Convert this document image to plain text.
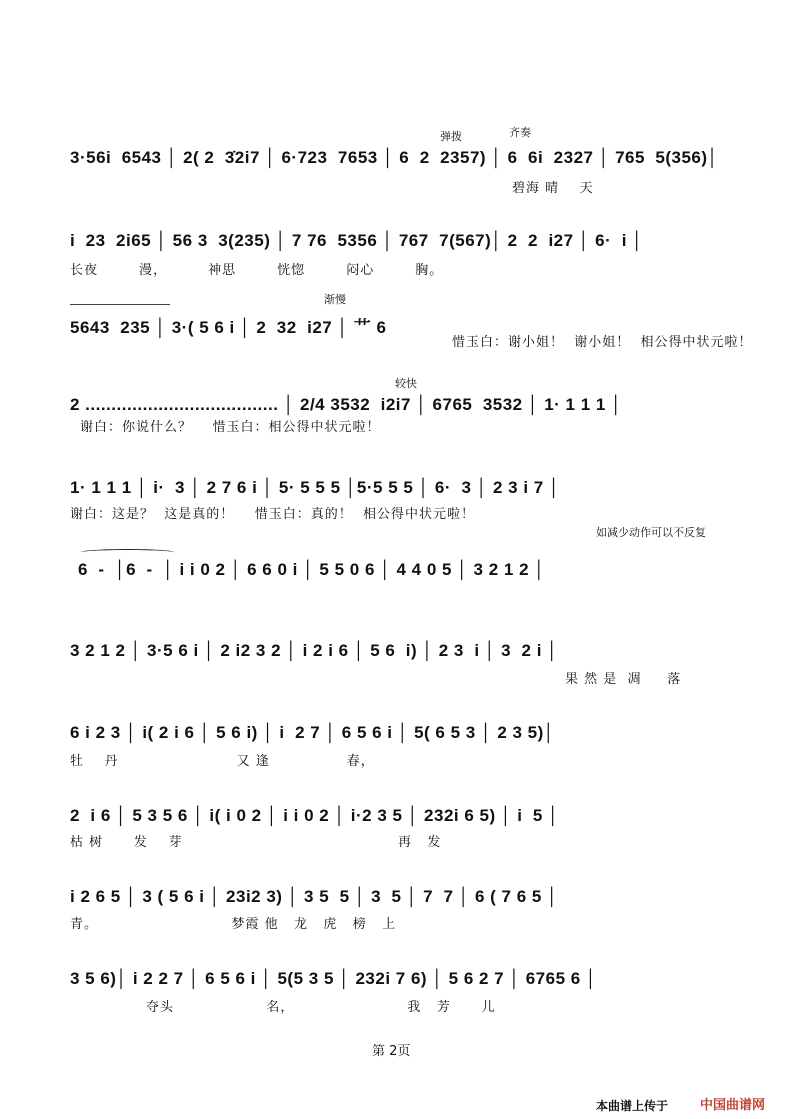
弹拨	齐奏
3·56i  6543 │ 2( 2  3̇2i7 │ 6·723  7653 │ 6  2  2357) │ 6  6i  2327 │ 765  5(356)│
碧海 晴    天
i  23  2i65 │ 56 3  3(235) │ 7 76  5356 │ 767  7(567)│ 2  2  i27 │ 6·  i │
长夜        漫，        神思        恍惚        闷心        胸。
渐慢
5643  235 │ 3·( 5 6 i │ 2  32  i27 │ 艹 6
惜玉白：谢小姐！  谢小姐！  相公得中状元啦！
较快
2 ..................................... │ 2/4 3532  i2i7 │ 6765  3532 │ 1· 1 1 1 │
谢白：你说什么？    惜玉白：相公得中状元啦！
1· 1 1 1 │ i·  3 │ 2 7 6 i │ 5· 5 5 5 │5·5 5 5 │ 6·  3 │ 2 3 i 7 │
谢白：这是？  这是真的！    惜玉白：真的！  相公得中状元啦！
如减少动作可以不反复
6  -  │6  -  │ i i 0 2 │ 6 6 0 i │ 5 5 0 6 │ 4 4 0 5 │ 3 2 1 2 │
3 2 1 2 │ 3·5 6 i │ 2 i2 3 2 │ i 2 i 6 │ 5 6  i) │ 2 3  i │ 3  2 i │
果 然 是  凋     落
6 i 2 3 │ i( 2 i 6 │ 5 6 i) │ i  2 7 │ 6 5 6 i │ 5( 6 5 3 │ 2 3 5)│
牡    丹                       又 逢               春，
2  i 6 │ 5 3 5 6 │ i( i 0 2 │ i i 0 2 │ i·2 3 5 │ 232i 6 5) │ i  5 │
枯 树      发    芽                                          再   发
i 2 6 5 │ 3 ( 5 6 i │ 23i2 3) │ 3 5  5 │ 3  5 │ 7  7 │ 6 ( 7 6 5 │
青。                          梦霞 他   龙   虎   榜   上
3 5 6)│ i 2 2 7 │ 6 5 6 i │ 5(5 3 5 │ 232i 7 6) │ 5 6 2 7 │ 6765 6 │
夺头                  名，                      我   芳      儿
第 2页
本曲谱上传于 中国曲谱网
